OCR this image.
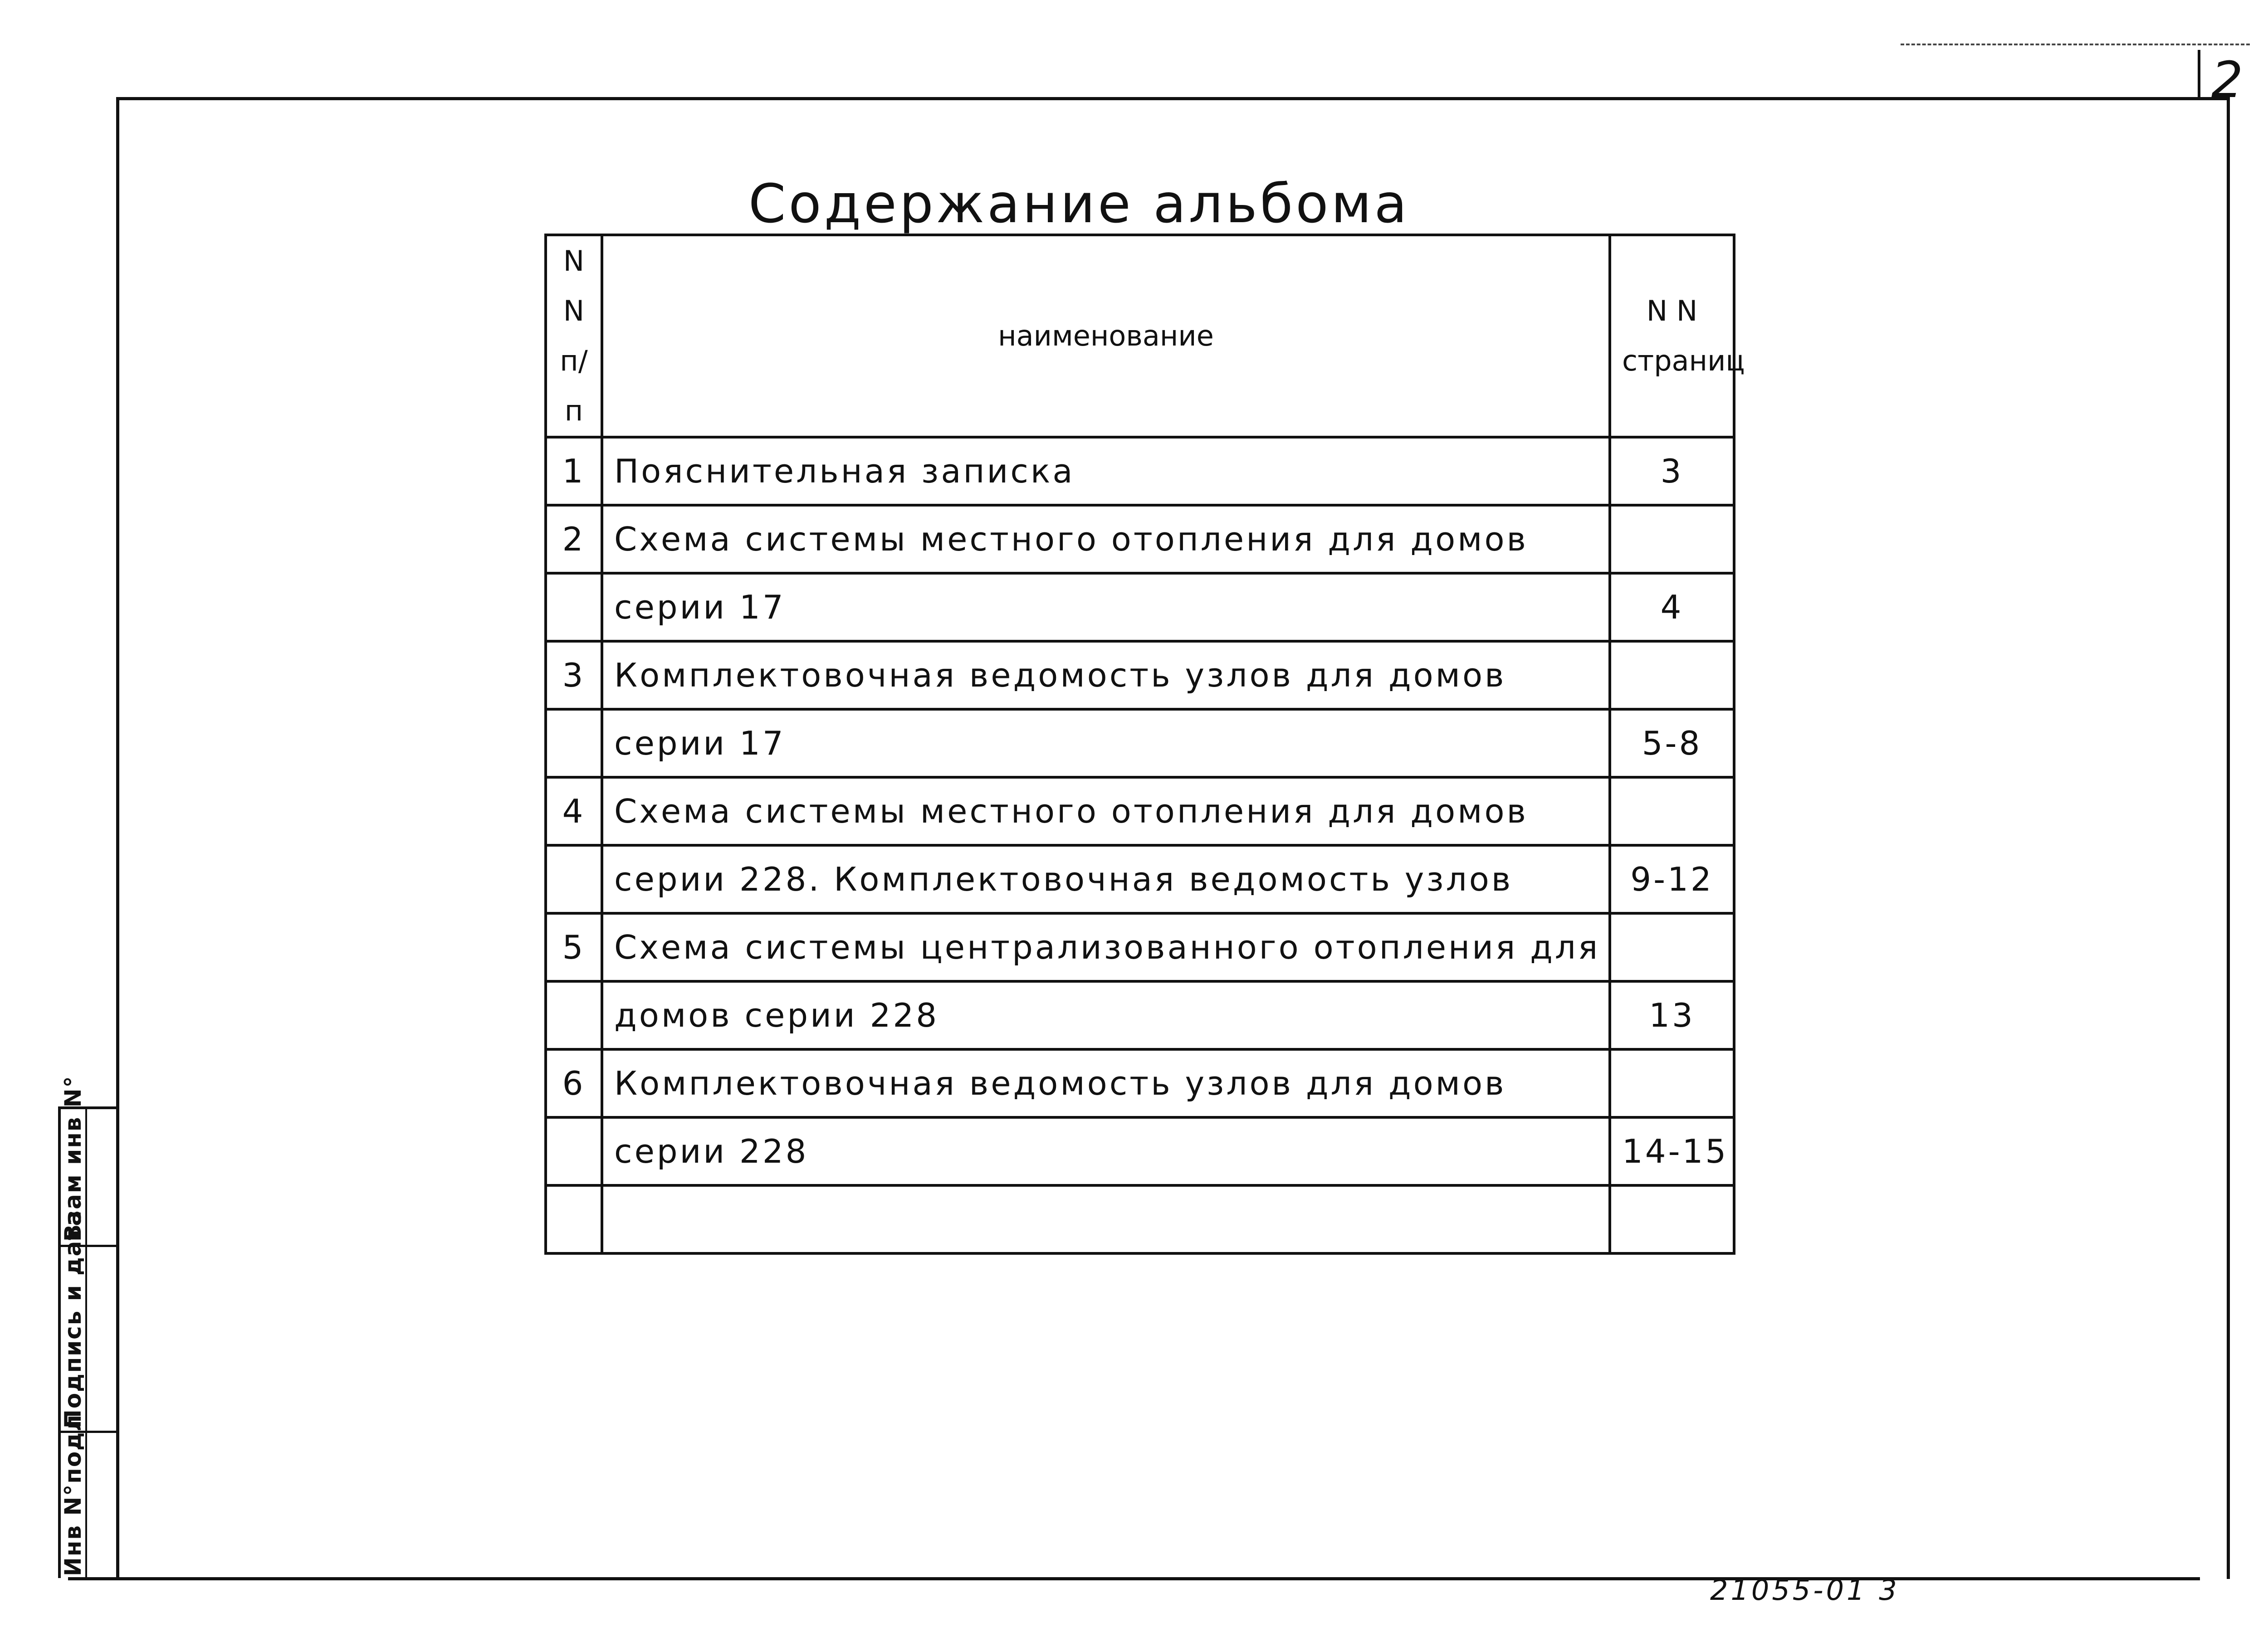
2
Содержание альбома
N N п/п	наименование	N N страниц
1	Пояснительная записка	3
2	Схема системы местного отопления для домов	
	серии 17	4
3	Комплектовочная ведомость узлов для домов	
	серии 17	5-8
4	Схема системы местного отопления для домов	
	серии 228. Комплектовочная ведомость узлов	9-12
5	Схема системы централизованного отопления для	
	домов серии 228	13
6	Комплектовочная ведомость узлов для домов	
	серии 228	14-15

Взам инв N°
Подпись и дата
Инв N°подл
21055-01 3
